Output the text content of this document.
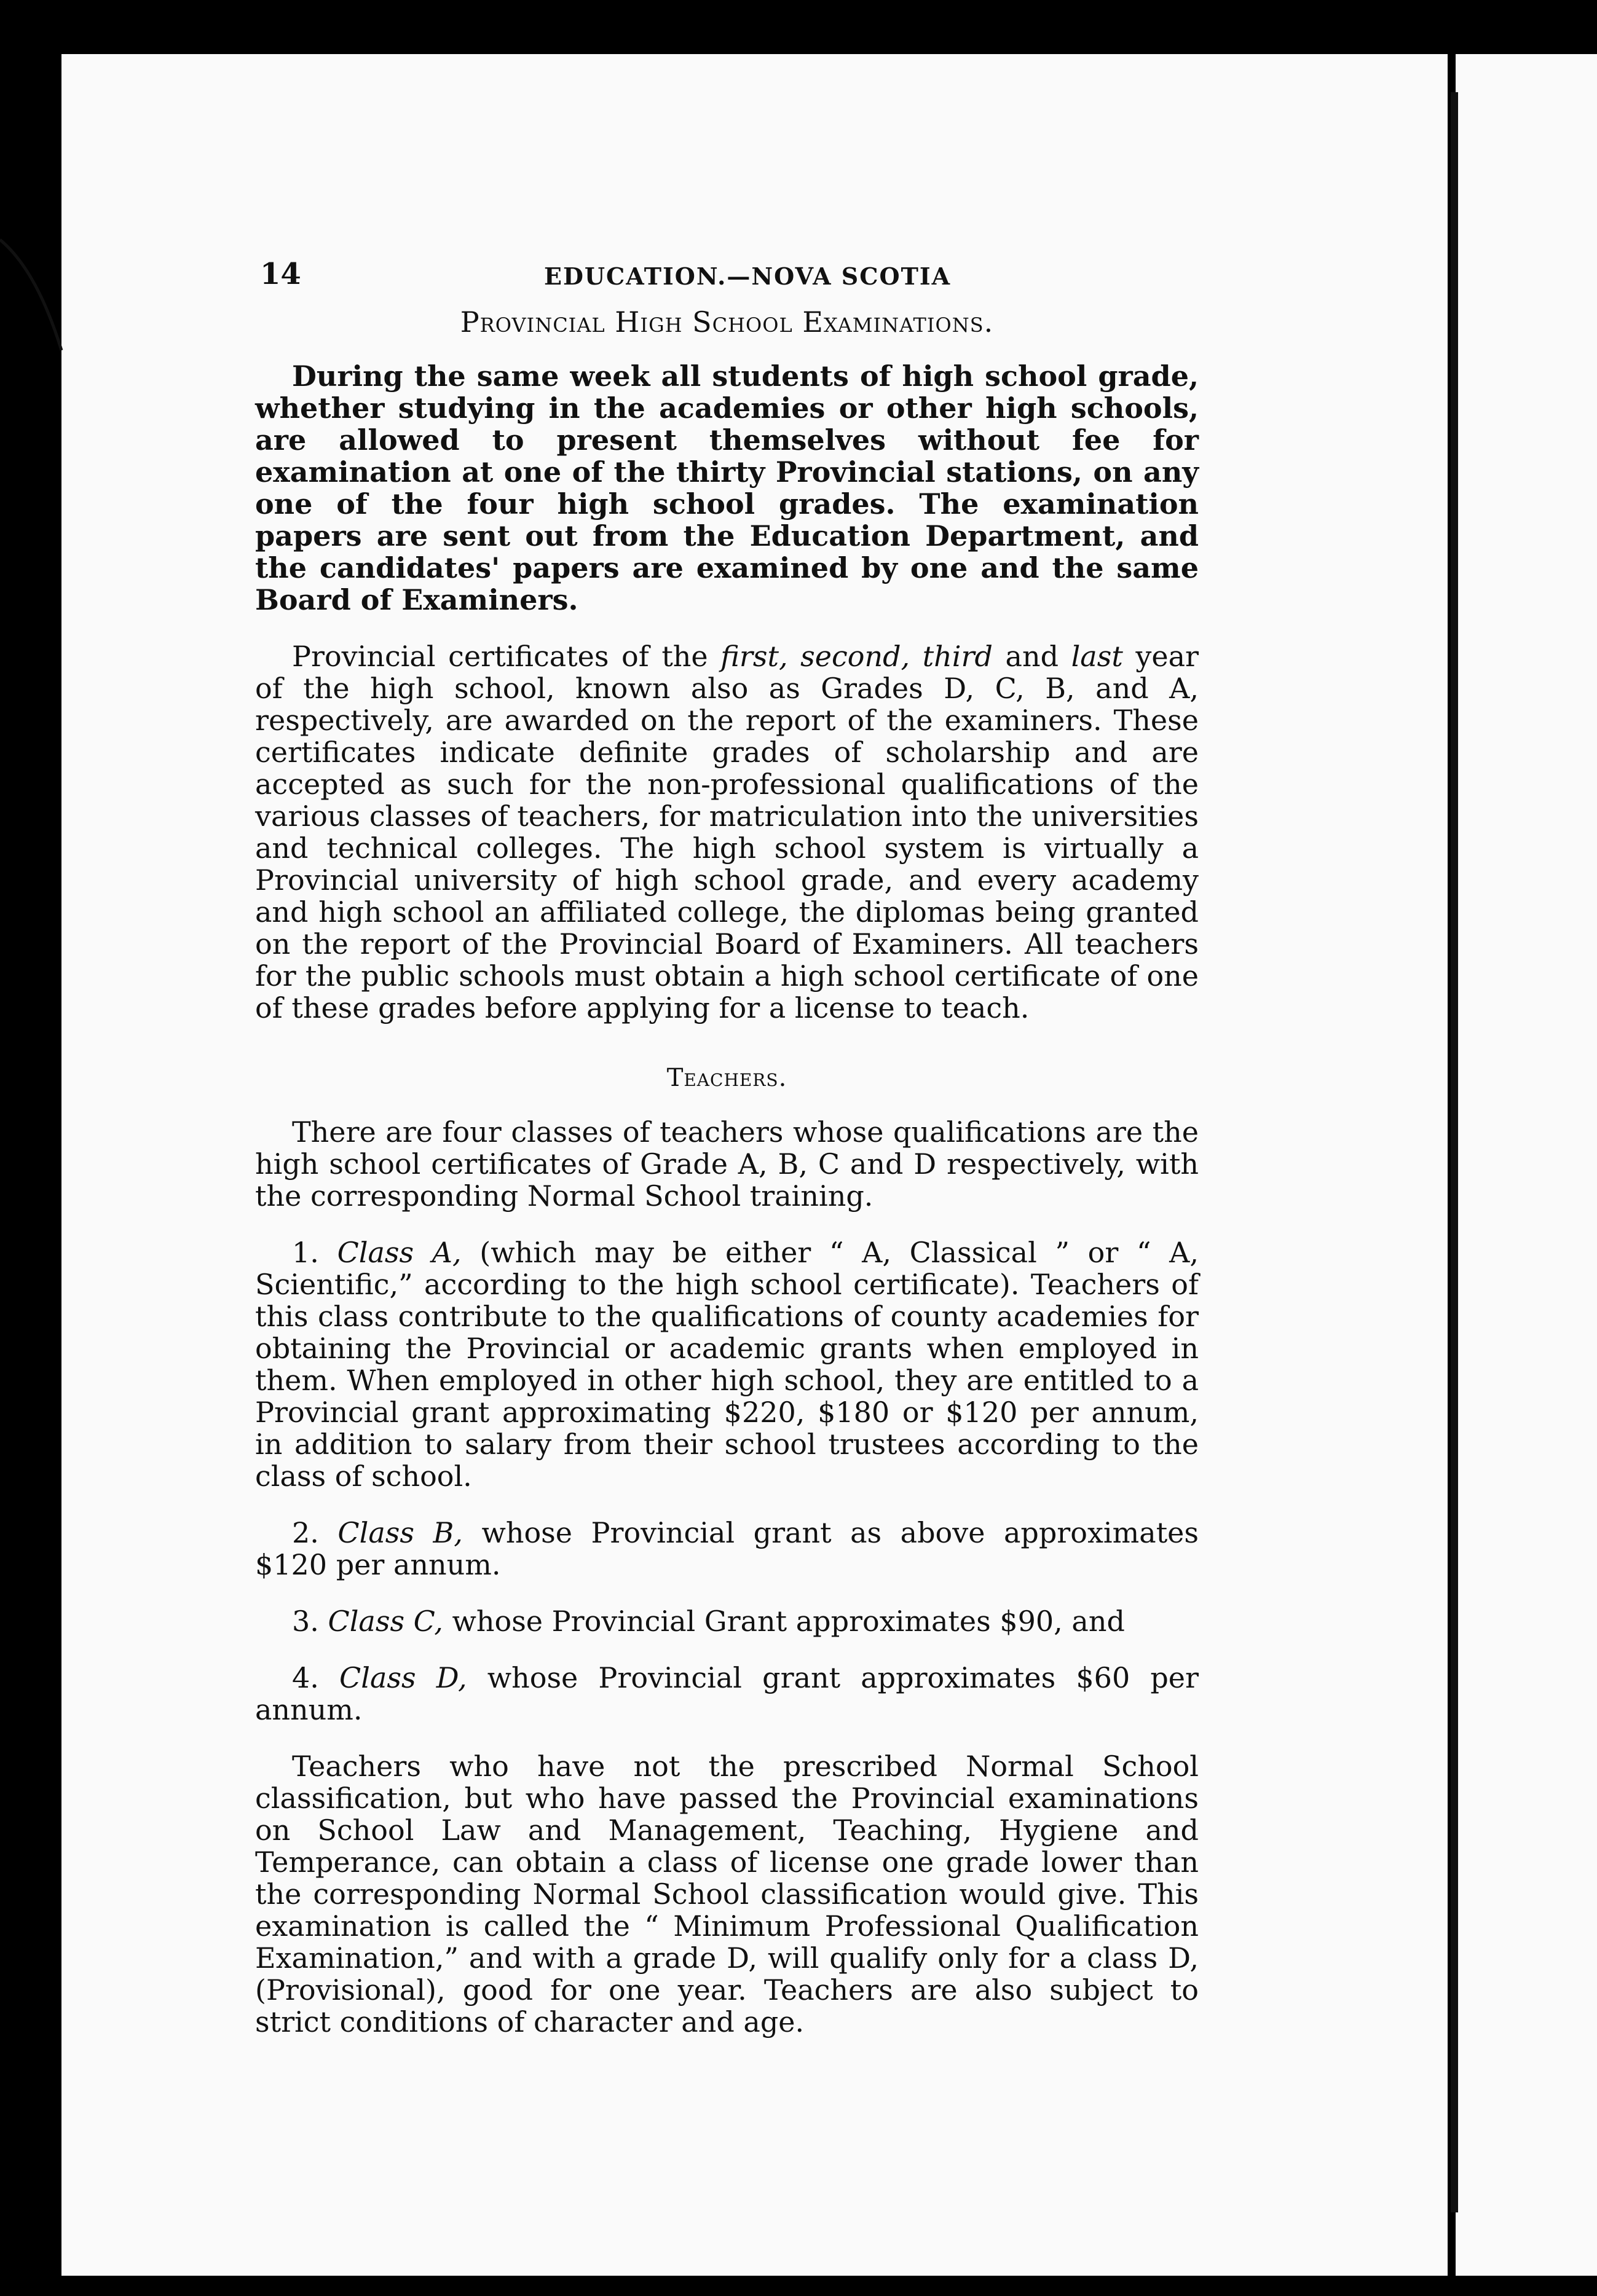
14	EDUCATION.—NOVA SCOTIA
Provincial High School Examinations.

During the same week all students of high school grade, whether studying in the academies or other high schools, are allowed to present themselves without fee for examination at one of the thirty Provincial stations, on any one of the four high school grades. The examination papers are sent out from the Education Department, and the candidates' papers are examined by one and the same Board of Examiners.

Provincial certificates of the first, second, third and last year of the high school, known also as Grades D, C, B, and A, respectively, are awarded on the report of the examiners. These certificates indicate definite grades of scholarship and are accepted as such for the non-professional qualifications of the various classes of teachers, for matriculation into the universities and technical colleges. The high school system is virtually a Provincial university of high school grade, and every academy and high school an affiliated college, the diplomas being granted on the report of the Provincial Board of Examiners. All teachers for the public schools must obtain a high school certificate of one of these grades before applying for a license to teach.

Teachers.

There are four classes of teachers whose qualifications are the high school certificates of Grade A, B, C and D respectively, with the corresponding Normal School training.

1. Class A, (which may be either “ A, Classical ” or “ A, Scientific,” according to the high school certificate). Teachers of this class contribute to the qualifications of county academies for obtaining the Provincial or academic grants when employed in them. When employed in other high school, they are entitled to a Provincial grant approximating $220, $180 or $120 per annum, in addition to salary from their school trustees according to the class of school.
2. Class B, whose Provincial grant as above approximates $120 per annum.
3. Class C, whose Provincial Grant approximates $90, and
4. Class D, whose Provincial grant approximates $60 per annum.

Teachers who have not the prescribed Normal School classification, but who have passed the Provincial examinations on School Law and Management, Teaching, Hygiene and Temperance, can obtain a class of license one grade lower than the corresponding Normal School classification would give. This examination is called the “ Minimum Professional Qualification Examination,” and with a grade D, will qualify only for a class D, (Provisional), good for one year. Teachers are also subject to strict conditions of character and age.
